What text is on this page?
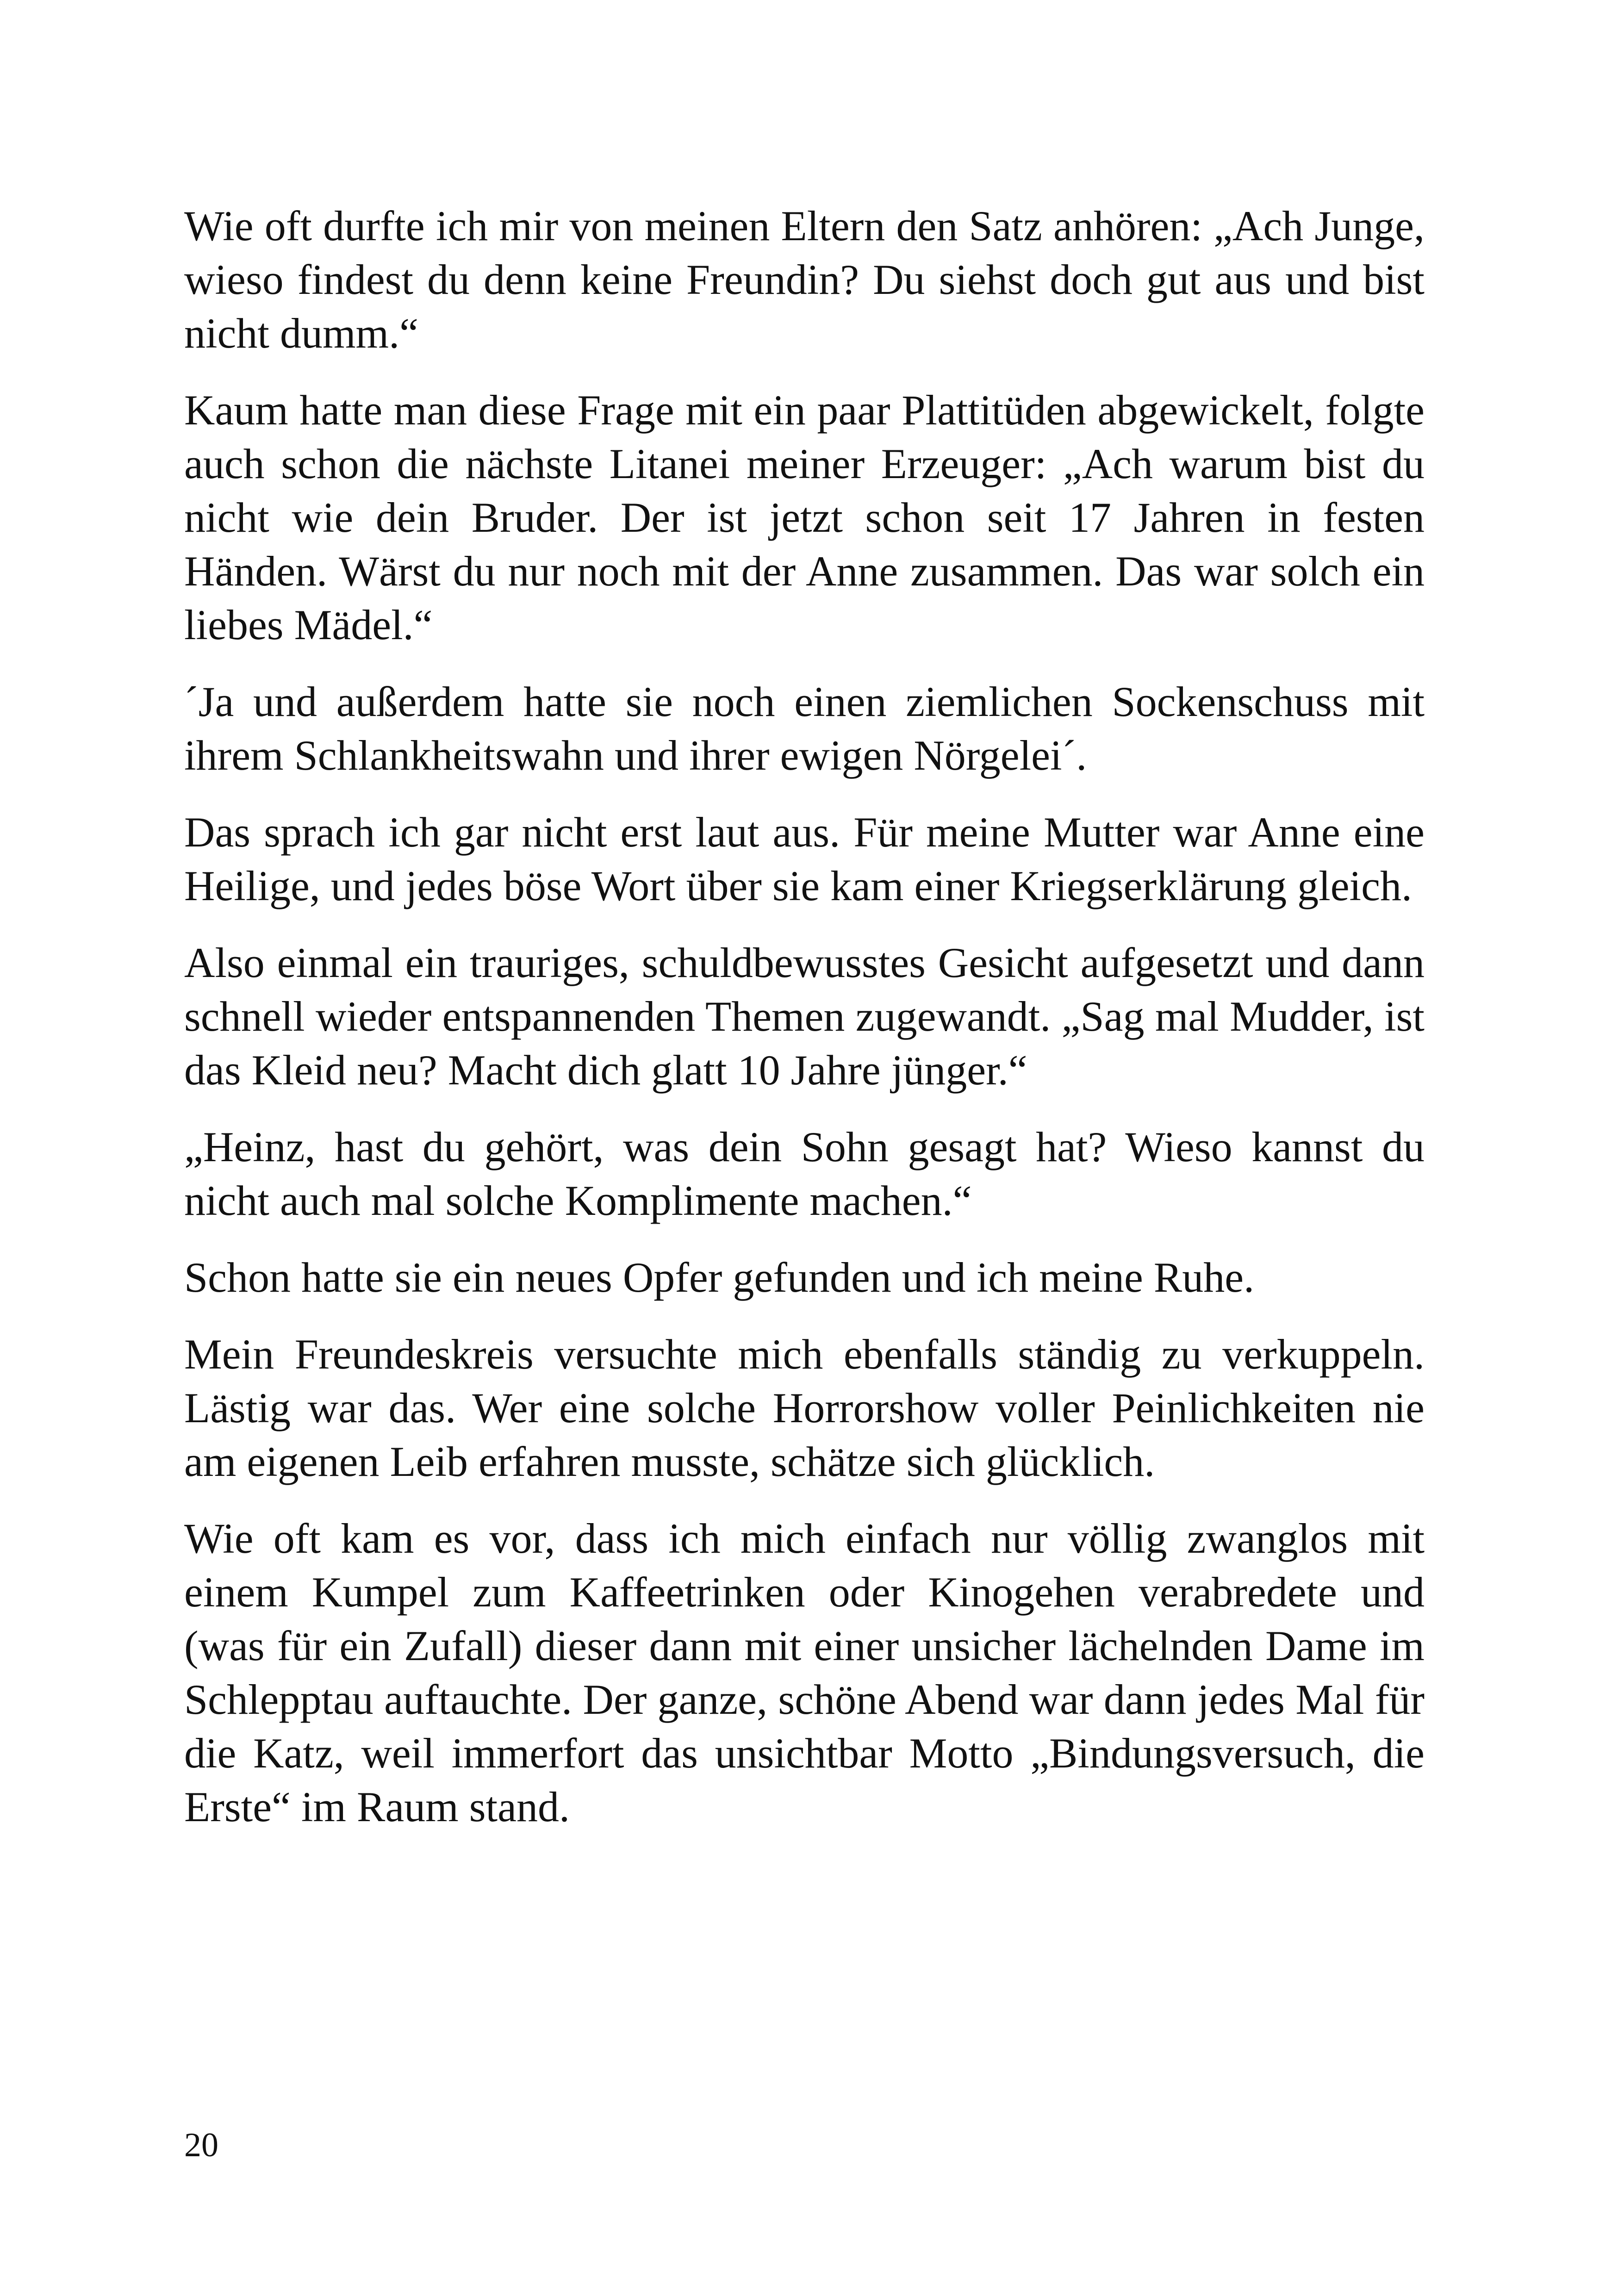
Wie oft durfte ich mir von meinen Eltern den Satz anhören: „Ach Junge, wieso findest du denn keine Freundin? Du siehst doch gut aus und bist nicht dumm.“

Kaum hatte man diese Frage mit ein paar Plattitüden abgewickelt, folgte auch schon die nächste Litanei meiner Erzeuger: „Ach warum bist du nicht wie dein Bruder. Der ist jetzt schon seit 17 Jahren in festen Händen. Wärst du nur noch mit der Anne zusammen. Das war solch ein liebes Mädel.“

´Ja und außerdem hatte sie noch einen ziemlichen Sockenschuss mit ihrem Schlankheitswahn und ihrer ewigen Nörgelei´.

Das sprach ich gar nicht erst laut aus. Für meine Mutter war Anne eine Heilige, und jedes böse Wort über sie kam einer Kriegserklärung gleich.

Also einmal ein trauriges, schuldbewusstes Gesicht aufgesetzt und dann schnell wieder entspannenden Themen zugewandt. „Sag mal Mudder, ist das Kleid neu? Macht dich glatt 10 Jahre jünger.“

„Heinz, hast du gehört, was dein Sohn gesagt hat? Wieso kannst du nicht auch mal solche Komplimente machen.“

Schon hatte sie ein neues Opfer gefunden und ich meine Ruhe.

Mein Freundeskreis versuchte mich ebenfalls ständig zu verkuppeln. Lästig war das. Wer eine solche Horrorshow voller Peinlichkeiten nie am eigenen Leib erfahren musste, schätze sich glücklich.

Wie oft kam es vor, dass ich mich einfach nur völlig zwanglos mit einem Kumpel zum Kaffeetrinken oder Kinogehen verabredete und (was für ein Zufall) dieser dann mit einer unsicher lächelnden Dame im Schlepptau auftauchte. Der ganze, schöne Abend war dann jedes Mal für die Katz, weil immerfort das unsichtbar Motto „Bindungsversuch, die Erste“ im Raum stand.

20
